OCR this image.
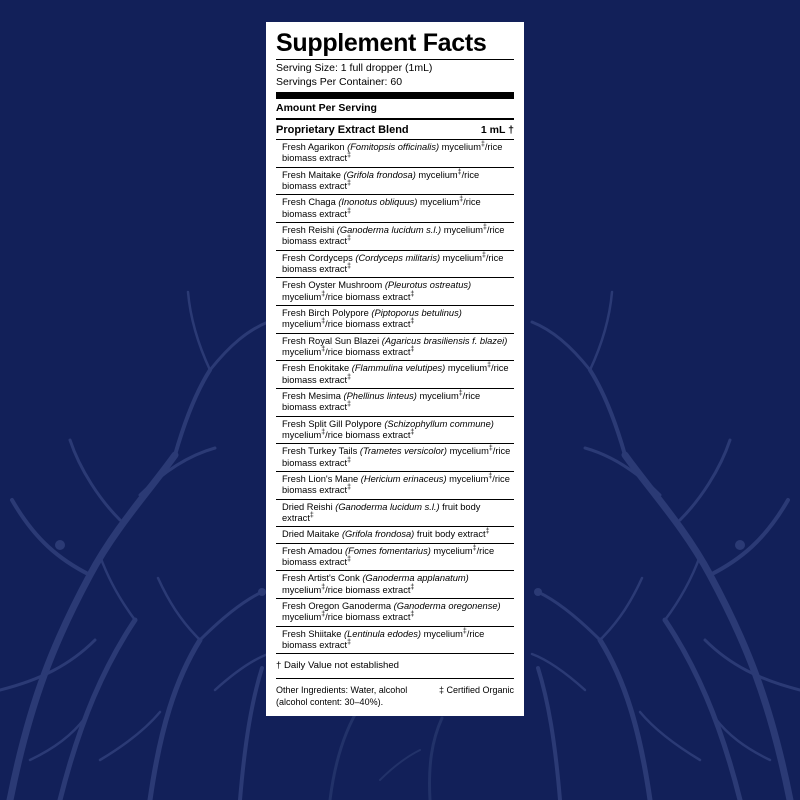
Supplement Facts
Serving Size: 1 full dropper (1mL)
Servings Per Container: 60
Amount Per Serving
Proprietary Extract Blend	1 mL †
Fresh Agarikon (Fomitopsis officinalis) mycelium‡/rice biomass extract‡
Fresh Maitake (Grifola frondosa) mycelium‡/rice biomass extract‡
Fresh Chaga (Inonotus obliquus) mycelium‡/rice biomass extract‡
Fresh Reishi (Ganoderma lucidum s.l.) mycelium‡/rice biomass extract‡
Fresh Cordyceps (Cordyceps militaris) mycelium‡/rice biomass extract‡
Fresh Oyster Mushroom (Pleurotus ostreatus) mycelium‡/rice biomass extract‡
Fresh Birch Polypore (Piptoporus betulinus) mycelium‡/rice biomass extract‡
Fresh Royal Sun Blazei (Agaricus brasiliensis f. blazei) mycelium‡/rice biomass extract‡
Fresh Enokitake (Flammulina velutipes) mycelium‡/rice biomass extract‡
Fresh Mesima (Phellinus linteus) mycelium‡/rice biomass extract‡
Fresh Split Gill Polypore (Schizophyllum commune) mycelium‡/rice biomass extract‡
Fresh Turkey Tails (Trametes versicolor) mycelium‡/rice biomass extract‡
Fresh Lion's Mane (Hericium erinaceus) mycelium‡/rice biomass extract‡
Dried Reishi (Ganoderma lucidum s.l.) fruit body extract‡
Dried Maitake (Grifola frondosa) fruit body extract‡
Fresh Amadou (Fomes fomentarius) mycelium‡/rice biomass extract‡
Fresh Artist's Conk (Ganoderma applanatum) mycelium‡/rice biomass extract‡
Fresh Oregon Ganoderma (Ganoderma oregonense) mycelium‡/rice biomass extract‡
Fresh Shiitake (Lentinula edodes) mycelium‡/rice biomass extract‡
† Daily Value not established
Other Ingredients: Water, alcohol (alcohol content: 30–40%).
‡ Certified Organic
